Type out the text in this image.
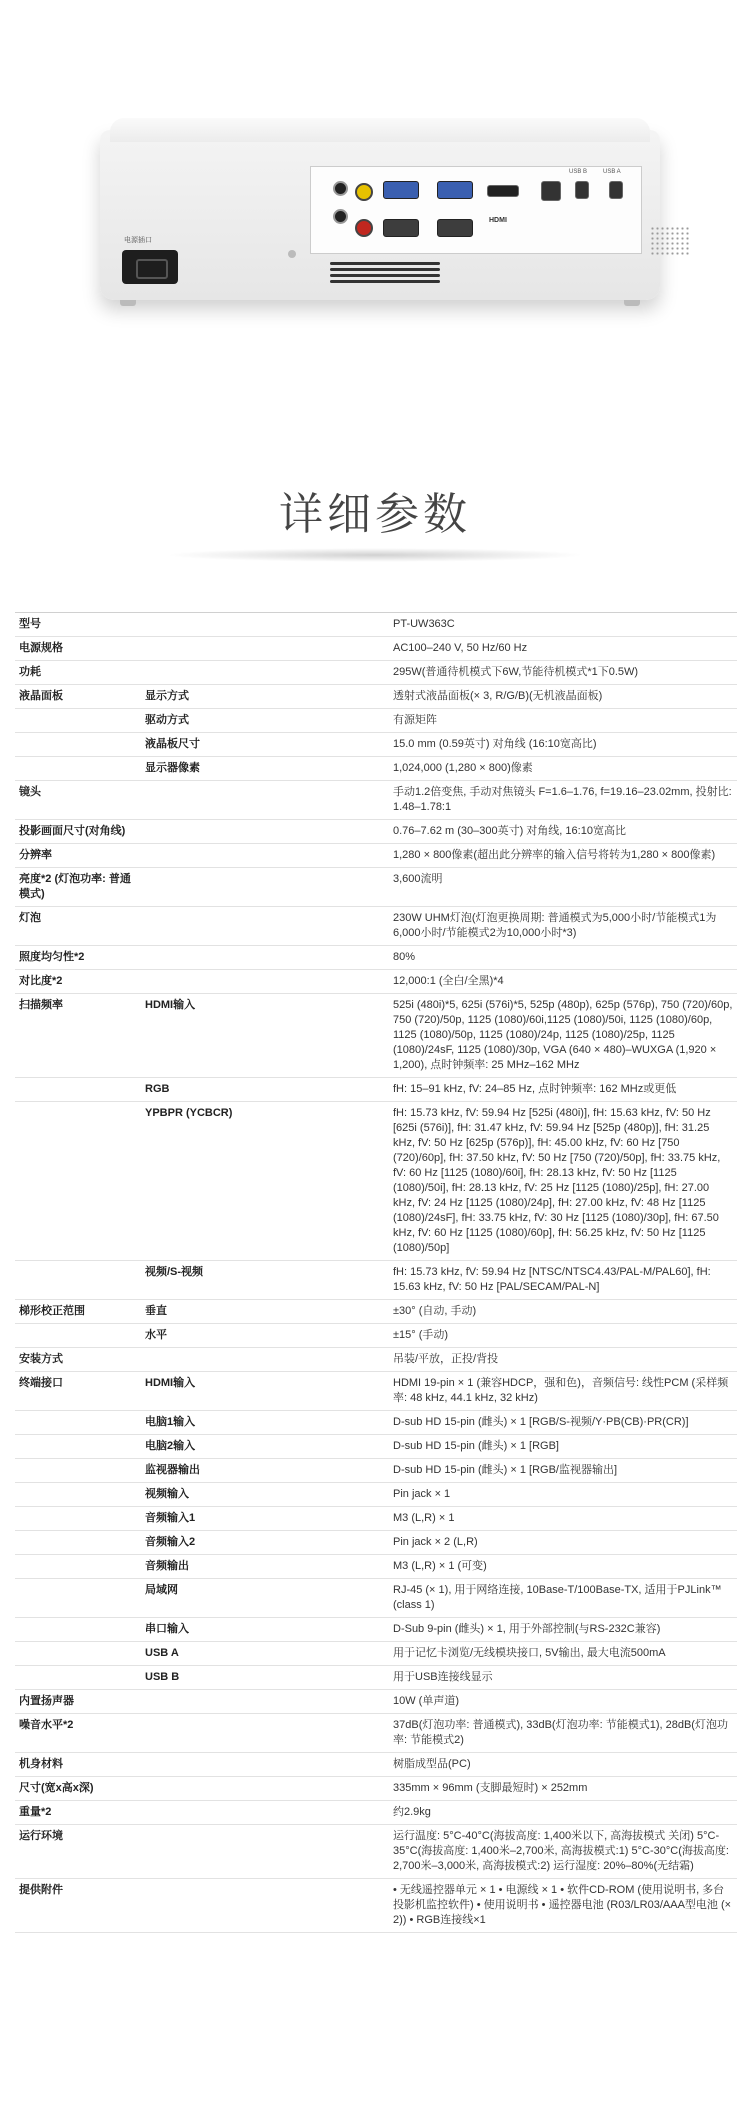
电源插口
HDMI
USB B	USB A
详细参数
型号		PT-UW363C
电源规格		AC100–240 V, 50 Hz/60 Hz
功耗		295W(普通待机模式下6W,节能待机模式*1下0.5W)
液晶面板	显示方式	透射式液晶面板(× 3, R/G/B)(无机液晶面板)
	驱动方式	有源矩阵
	液晶板尺寸	15.0 mm (0.59英寸) 对角线 (16:10宽高比)
	显示器像素	1,024,000 (1,280 × 800)像素
镜头		手动1.2倍变焦, 手动对焦镜头 F=1.6–1.76, f=19.16–23.02mm, 投射比: 1.48–1.78:1
投影画面尺寸(对角线)		0.76–7.62 m (30–300英寸) 对角线, 16:10宽高比
分辨率		1,280 × 800像素(超出此分辨率的输入信号将转为1,280 × 800像素)
亮度*2 (灯泡功率: 普通模式)		3,600流明
灯泡		230W UHM灯泡(灯泡更换周期: 普通模式为5,000小时/节能模式1为6,000小时/节能模式2为10,000小时*3)
照度均匀性*2		80%
对比度*2		12,000:1 (全白/全黑)*4
扫描频率	HDMI输入	525i (480i)*5, 625i (576i)*5, 525p (480p), 625p (576p), 750 (720)/60p, 750 (720)/50p, 1125 (1080)/60i,1125 (1080)/50i, 1125 (1080)/60p, 1125 (1080)/50p, 1125 (1080)/24p, 1125 (1080)/25p, 1125 (1080)/24sF, 1125 (1080)/30p, VGA (640 × 480)–WUXGA (1,920 × 1,200), 点时钟频率: 25 MHz–162 MHz
	RGB	fH: 15–91 kHz, fV: 24–85 Hz, 点时钟频率: 162 MHz或更低
	YPBPR (YCBCR)	fH: 15.73 kHz, fV: 59.94 Hz [525i (480i)], fH: 15.63 kHz, fV: 50 Hz [625i (576i)], fH: 31.47 kHz, fV: 59.94 Hz [525p (480p)], fH: 31.25 kHz, fV: 50 Hz [625p (576p)], fH: 45.00 kHz, fV: 60 Hz [750 (720)/60p], fH: 37.50 kHz, fV: 50 Hz [750 (720)/50p], fH: 33.75 kHz, fV: 60 Hz [1125 (1080)/60i], fH: 28.13 kHz, fV: 50 Hz [1125 (1080)/50i], fH: 28.13 kHz, fV: 25 Hz [1125 (1080)/25p], fH: 27.00 kHz, fV: 24 Hz [1125 (1080)/24p], fH: 27.00 kHz, fV: 48 Hz [1125 (1080)/24sF], fH: 33.75 kHz, fV: 30 Hz [1125 (1080)/30p], fH: 67.50 kHz, fV: 60 Hz [1125 (1080)/60p], fH: 56.25 kHz, fV: 50 Hz [1125 (1080)/50p]
	视频/S-视频	fH: 15.73 kHz, fV: 59.94 Hz [NTSC/NTSC4.43/PAL-M/PAL60], fH: 15.63 kHz, fV: 50 Hz [PAL/SECAM/PAL-N]
梯形校正范围	垂直	±30° (自动, 手动)
	水平	±15° (手动)
安装方式		吊装/平放，正投/背投
终端接口	HDMI输入	HDMI 19-pin × 1 (兼容HDCP，强和色)，音频信号: 线性PCM (采样频率: 48 kHz, 44.1 kHz, 32 kHz)
	电脑1输入	D-sub HD 15-pin (雌头) × 1 [RGB/S-视频/Y·PB(CB)·PR(CR)]
	电脑2输入	D-sub HD 15-pin (雌头) × 1 [RGB]
	监视器输出	D-sub HD 15-pin (雌头) × 1 [RGB/监视器输出]
	视频输入	Pin jack × 1
	音频输入1	M3 (L,R) × 1
	音频输入2	Pin jack × 2 (L,R)
	音频输出	M3 (L,R) × 1 (可变)
	局域网	RJ-45 (× 1), 用于网络连接, 10Base-T/100Base-TX, 适用于PJLink™ (class 1)
	串口输入	D-Sub 9-pin (雌头) × 1, 用于外部控制(与RS-232C兼容)
	USB A	用于记忆卡浏览/无线模块接口, 5V输出, 最大电流500mA
	USB B	用于USB连接线显示
内置扬声器		10W (单声道)
噪音水平*2		37dB(灯泡功率: 普通模式), 33dB(灯泡功率: 节能模式1), 28dB(灯泡功率: 节能模式2)
机身材料		树脂成型品(PC)
尺寸(宽x高x深)		335mm × 96mm (支脚最短时) × 252mm
重量*2		约2.9kg
运行环境		运行温度: 5°C-40°C(海拔高度: 1,400米以下, 高海拔模式 关闭) 5°C-35°C(海拔高度: 1,400米–2,700米, 高海拔模式:1) 5°C-30°C(海拔高度: 2,700米–3,000米, 高海拔模式:2) 运行湿度: 20%–80%(无结霜)
提供附件		• 无线遥控器单元 × 1 • 电源线 × 1 • 软件CD-ROM (使用说明书, 多台投影机监控软件) • 使用说明书 • 遥控器电池 (R03/LR03/AAA型电池 (× 2)) • RGB连接线×1
